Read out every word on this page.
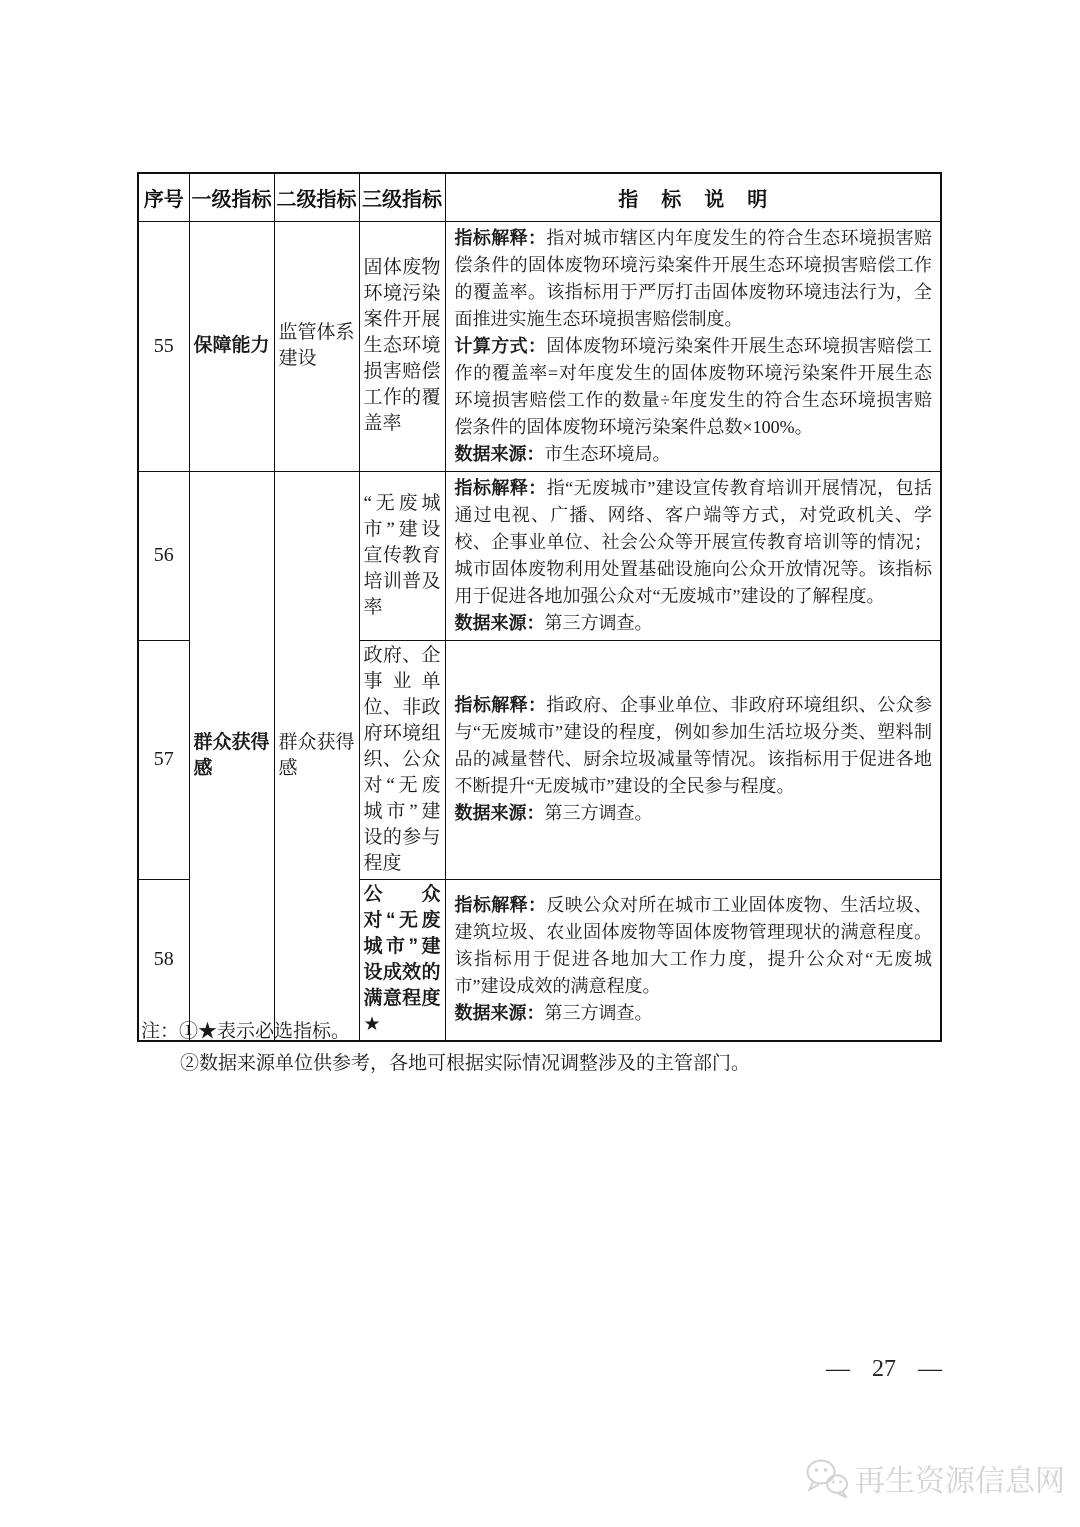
序号	一级指标	二级指标	三级指标	指标说明
55	保障能力	监管体系建设	固体废物环境污染案件开展生态环境损害赔偿工作的覆盖率	指标解释：指对城市辖区内年度发生的符合生态环境损害赔偿条件的固体废物环境污染案件开展生态环境损害赔偿工作的覆盖率。该指标用于严厉打击固体废物环境违法行为，全面推进实施生态环境损害赔偿制度。

计算方式：固体废物环境污染案件开展生态环境损害赔偿工作的覆盖率=对年度发生的固体废物环境污染案件开展生态环境损害赔偿工作的数量÷年度发生的符合生态环境损害赔偿条件的固体废物环境污染案件总数×100%。

数据来源：市生态环境局。

56	群众获得感	群众获得感	“无废城市”建设宣传教育培训普及率	指标解释：指“无废城市”建设宣传教育培训开展情况，包括通过电视、广播、网络、客户端等方式，对党政机关、学校、企事业单位、社会公众等开展宣传教育培训等的情况；城市固体废物利用处置基础设施向公众开放情况等。该指标用于促进各地加强公众对“无废城市”建设的了解程度。

数据来源：第三方调查。

57			政府、企事业单位、非政府环境组织、公众对“无废城市”建设的参与程度	指标解释：指政府、企事业单位、非政府环境组织、公众参与“无废城市”建设的程度，例如参加生活垃圾分类、塑料制品的减量替代、厨余垃圾减量等情况。该指标用于促进各地不断提升“无废城市”建设的全民参与程度。

数据来源：第三方调查。

58			公众对“无废城市”建设成效的满意程度★	指标解释：反映公众对所在城市工业固体废物、生活垃圾、建筑垃圾、农业固体废物等固体废物管理现状的满意程度。该指标用于促进各地加大工作力度，提升公众对“无废城市”建设成效的满意程度。

数据来源：第三方调查。

注：①★表示必选指标。
②数据来源单位供参考，各地可根据实际情况调整涉及的主管部门。
— 27 —
再生资源信息网
